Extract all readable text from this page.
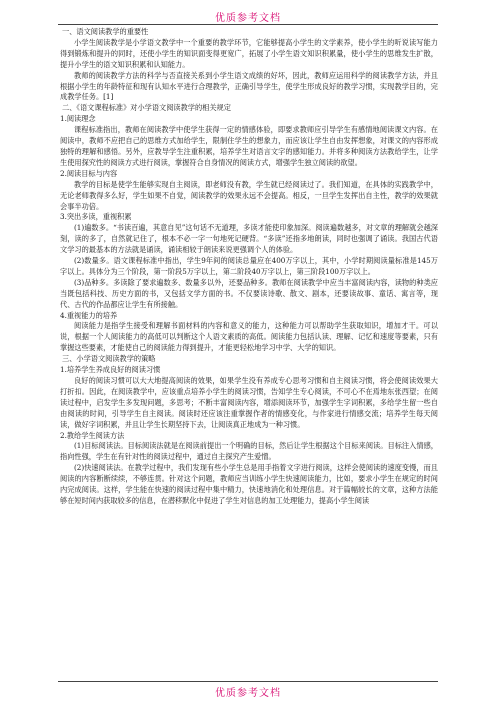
优质参考文档

一、语文阅读教学的重要性

小学生阅读教学是小学语文教学中一个重要的教学环节，它能够提高小学生的文学素养，使小学生的听说读写能力得到锻炼和提升的同时，还使小学生的知识面变得更宽广，拓展了小学生语文知识积累量，使小学生的思维发生扩散，提升小学生的语文知识积累和认知能力。

教师的阅读教学方法的科学与否直接关系到小学生语文成绩的好坏，因此，教师应运用科学的阅读教学方法，并且根据小学生的年龄特征和现有认知水平进行合理教学，正确引导学生，使学生形成良好的教学习惯，实现教学目的，完成教学任务。[1]

二、《语文课程标准》对小学语文阅读教学的相关规定

1.阅读理念

课程标准指出，教师在阅读教学中使学生获得一定的情感体验，即要求教师应引导学生有感情地阅读课文内容。在阅读中，教师不应把自己的思维方式加给学生，限制住学生的想象力，而应该让学生自由发挥想象，对课文的内容形成独特的理解和感悟。另外，应教导学生注重积累，培养学生对语言文字的感知能力。并将多种阅读方法教给学生，让学生使用探究性的阅读方式进行阅读，掌握符合自身情况的阅读方式，增强学生独立阅读的欲望。

2.阅读目标与内容

教学的目标是使学生能够实现自主阅读，即老师没有教，学生就已经阅读过了。我们知道，在具体的实践教学中，无论老师教得多么好，学生如果不自觉，阅读教学的效果永远不会提高。相反，一旦学生发挥出自主性，教学的效果就会事半功倍。

3.突出多读，重视积累

(1)遍数多。“书读百遍，其意自见”这句话不无道理，多读才能使印象加深。阅读遍数越多，对文章的理解就会越深刻，读的多了，自然就记住了，根本不必一字一句地死记硬背。“多读”还指多地朗读，同时也强调了诵读。我国古代语文学习的最基本的方法就是诵读，诵读相较于朗读来说更强调个人的体验。

(2)数量多。语文课程标准中指出，学生9年间的阅读总量应在400万字以上，其中，小学时期阅读量标准是145万字以上。具体分为三个阶段，第一阶段5万字以上，第二阶段40万字以上，第三阶段100万字以上。

(3)品种多。多读除了要求遍数多、数量多以外，还要品种多。教师在阅读教学中应当丰富阅读内容，读物的种类应当既包括科技、历史方面的书，又包括文学方面的书。不仅要读诗歌、散文、剧本，还要读故事、童话、寓言等，现代、古代的作品都应让学生有所接触。

4.重视能力的培养

阅读能力是指学生接受和理解书面材料的内容和意义的能力，这种能力可以帮助学生获取知识，增加才干。可以说，根据一个人阅读能力的高低可以判断这个人语文素质的高低。阅读能力包括认读、理解、记忆和速度等要素，只有掌握这些要素，才能使自己的阅读能力得到提升，才能更轻松地学习中学、大学的知识。

三、小学语文阅读教学的策略

1.培养学生养成良好的阅读习惯

良好的阅读习惯可以大大地提高阅读的效果，如果学生没有养成专心思考习惯和自主阅读习惯，将会使阅读效果大打折扣。因此，在阅读教学中，应该重点培养小学生的阅读习惯，告知学生专心阅读，不可心不在焉地东张西望；在阅读过程中，启发学生多发现问题，多思考；不断丰富阅读内容，增添阅读环节，加强学生字词积累，多给学生留一些自由阅读的时间，引导学生自主阅读。阅读时还应该注重掌握作者的情感变化，与作家进行情感交流；培养学生每天阅读，做好字词积累，并且让学生长期坚持下去，让阅读真正地成为一种习惯。

2.教给学生阅读方法

(1)目标阅读法。目标阅读法就是在阅读前提出一个明确的目标，然后让学生根据这个目标来阅读。目标注入情感，指向性强，学生在有针对性的阅读过程中，通过自主探究产生爱憎。

(2)快速阅读法。在教学过程中，我们发现有些小学生总是用手指着文字进行阅读，这样会使阅读的速度变慢，而且阅读的内容断断续续，不够连贯。针对这个问题，教师应当训练小学生快速阅读能力，比如，要求小学生在规定的时间内完成阅读。这样，学生能在快速的阅读过程中集中精力，快速地消化和处理信息。对于篇幅较长的文章，这种方法能够在短时间内获取较多的信息，在潜移默化中促进了学生对信息的加工处理能力，提高小学生阅读

优质参考文档
